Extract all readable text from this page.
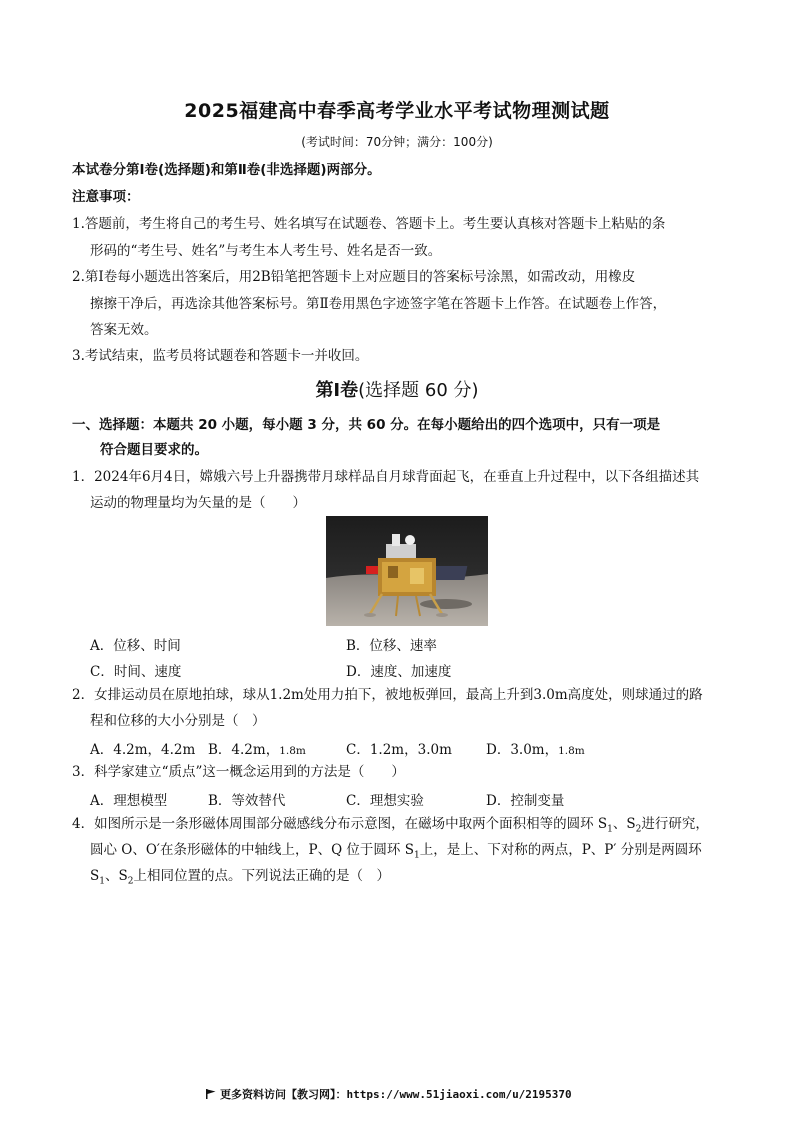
2025福建高中春季高考学业水平考试物理测试题
(考试时间：70分钟；满分：100分)
本试卷分第Ⅰ卷(选择题)和第Ⅱ卷(非选择题)两部分。
注意事项：
1.答题前，考生将自己的考生号、姓名填写在试题卷、答题卡上。考生要认真核对答题卡上粘贴的条
形码的“考生号、姓名”与考生本人考生号、姓名是否一致。
2.第Ⅰ卷每小题选出答案后，用2B铅笔把答题卡上对应题目的答案标号涂黑，如需改动，用橡皮
擦擦干净后，再选涂其他答案标号。第Ⅱ卷用黑色字迹签字笔在答题卡上作答。在试题卷上作答，
答案无效。
3.考试结束，监考员将试题卷和答题卡一并收回。
第Ⅰ卷(选择题 60 分)
一、选择题：本题共 20 小题，每小题 3 分，共 60 分。在每小题给出的四个选项中，只有一项是
符合题目要求的。
1．2024年6月4日，嫦娥六号上升器携带月球样品自月球背面起飞，在垂直上升过程中，以下各组描述其
运动的物理量均为矢量的是（　　）
A．位移、时间	B．位移、速率
C．时间、速度	D．速度、加速度
2．女排运动员在原地拍球，球从1.2m处用力拍下，被地板弹回，最高上升到3.0m高度处，则球通过的路
程和位移的大小分别是（　）
A．4.2m，4.2m B．4.2m，1.8m	C．1.2m，3.0m	D．3.0m，1.8m
3．科学家建立“质点”这一概念运用到的方法是（　　）
A．理想模型	B．等效替代	C．理想实验	D．控制变量
4．如图所示是一条形磁体周围部分磁感线分布示意图，在磁场中取两个面积相等的圆环 $S_1$、$S_2$进行研究，
圆心 O、O′在条形磁体的中轴线上，P、Q 位于圆环 $S_1$上，是上、下对称的两点，P、P′ 分别是两圆环
$S_1$、$S_2$上相同位置的点。下列说法正确的是（　）
更多资料访问【教习网】：https://www.51jiaoxi.com/u/2195370
